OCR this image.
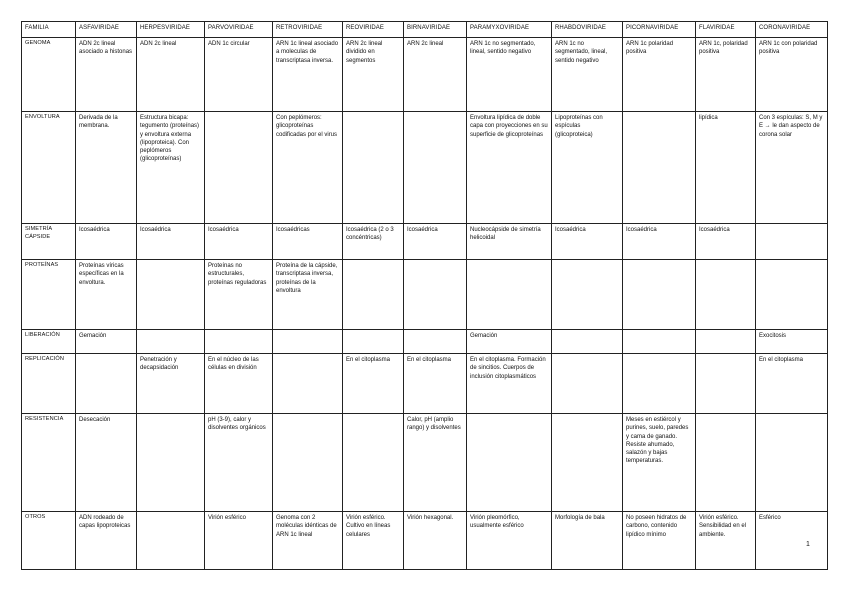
FAMILIA	ASFAVIRIDAE	HERPESVIRIDAE	PARVOVIRIDAE	RETROVIRIDAE	REOVIRIDAE	BIRNAVIRIDAE	PARAMYXOVIRIDAE	RHABDOVIRIDAE	PICORNAVIRIDAE	FLAVIRIDAE	CORONAVIRIDAE
GENOMA	ADN 2c lineal asociado a histonas	ADN 2c lineal	ADN 1c circular	ARN 1c lineal asociado a moleculas de transcriptasa inversa.	ARN 2c lineal dividido en segmentos	ARN 2c lineal	ARN 1c no segmentado, lineal, sentido negativo	ARN 1c no segmentado, lineal, sentido negativo	ARN 1c polaridad positiva	ARN 1c, polaridad positiva	ARN 1c con polaridad positiva
ENVOLTURA	Derivada de la membrana.	Estructura bicapa: tegumento (proteínas) y envoltura externa (lipoproteica). Con peplómeros (glicoproteínas)		Con peplómeros: glicoproteínas codificadas por el virus			Envoltura lipídica de doble capa con proyecciones en su superficie de glicoproteínas	Lipoproteínas con espículas (glicoproteica)		lipídica	Con 3 espículas: S, M y E → le dan aspecto de corona solar
SIMETRÍA CÁPSIDE	Icosaédrica	Icosaédrica	Icosaédrica	Icosaédricas	Icosaédrica (2 o 3 concéntricas)	Icosaédrica	Nucleocápside de simetría helicoidal	Icosaédrica	Icosaédrica	Icosaédrica	
PROTEÍNAS	Proteínas víricas específicas en la envoltura.		Proteínas no estructurales, proteínas reguladoras	Proteína de la cápside, transcriptasa inversa, proteínas de la envoltura							
LIBERACIÓN	Gemación						Gemación				Exocitosis
REPLICACIÓN		Penetración y decapsidación	En el núcleo de las células en división		En el citoplasma	En el citoplasma	En el citoplasma. Formación de sincitios. Cuerpos de inclusión citoplasmáticos				En el citoplasma
RESISTENCIA	Desecación		pH (3-9), calor y disolventes orgánicos			Calor, pH (amplio rango) y disolventes			Meses en estiércol y purines, suelo, paredes y cama de ganado. Resiste ahumado, salazón y bajas temperaturas.		
OTROS	ADN rodeado de capas lipoproteicas		Virión esférico	Genoma con 2 moléculas idénticas de ARN 1c lineal	Virión esférico. Cultivo en líneas celulares	Virión hexagonal.	Virión pleomórfico, usualmente esférico	Morfología de bala	No poseen hidratos de carbono, contenido lipídico mínimo	Virión esférico. Sensibilidad en el ambiente.	Esférico
1
